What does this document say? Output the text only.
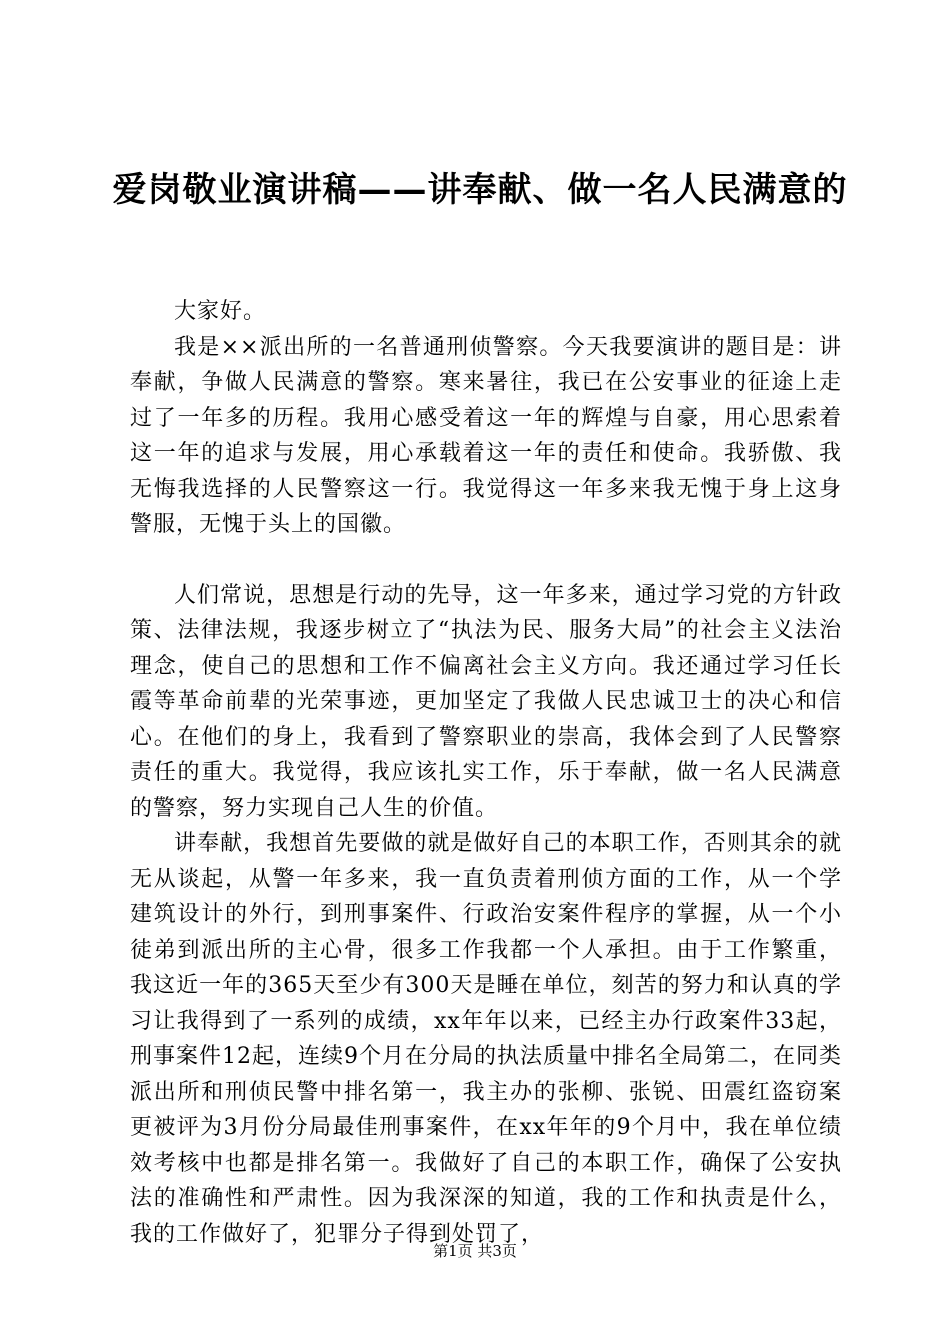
爱岗敬业演讲稿——讲奉献、做一名人民满意的

大家好。

我是××派出所的一名普通刑侦警察。今天我要演讲的题目是：讲奉献，争做人民满意的警察。寒来暑往，我已在公安事业的征途上走过了一年多的历程。我用心感受着这一年的辉煌与自豪，用心思索着这一年的追求与发展，用心承载着这一年的责任和使命。我骄傲、我无悔我选择的人民警察这一行。我觉得这一年多来我无愧于身上这身警服，无愧于头上的国徽。

人们常说，思想是行动的先导，这一年多来，通过学习党的方针政策、法律法规，我逐步树立了“执法为民、服务大局”的社会主义法治理念，使自己的思想和工作不偏离社会主义方向。我还通过学习任长霞等革命前辈的光荣事迹，更加坚定了我做人民忠诚卫士的决心和信心。在他们的身上，我看到了警察职业的崇高，我体会到了人民警察责任的重大。我觉得，我应该扎实工作，乐于奉献，做一名人民满意的警察，努力实现自己人生的价值。

讲奉献，我想首先要做的就是做好自己的本职工作，否则其余的就无从谈起，从警一年多来，我一直负责着刑侦方面的工作，从一个学建筑设计的外行，到刑事案件、行政治安案件程序的掌握，从一个小徒弟到派出所的主心骨，很多工作我都一个人承担。由于工作繁重，我这近一年的365天至少有300天是睡在单位，刻苦的努力和认真的学习让我得到了一系列的成绩，xx年年以来，已经主办行政案件33起，刑事案件12起，连续9个月在分局的执法质量中排名全局第二，在同类派出所和刑侦民警中排名第一，我主办的张柳、张锐、田震红盗窃案更被评为3月份分局最佳刑事案件，在xx年年的9个月中，我在单位绩效考核中也都是排名第一。我做好了自己的本职工作，确保了公安执法的准确性和严肃性。因为我深深的知道，我的工作和执责是什么，我的工作做好了，犯罪分子得到处罚了，

第1页 共3页
